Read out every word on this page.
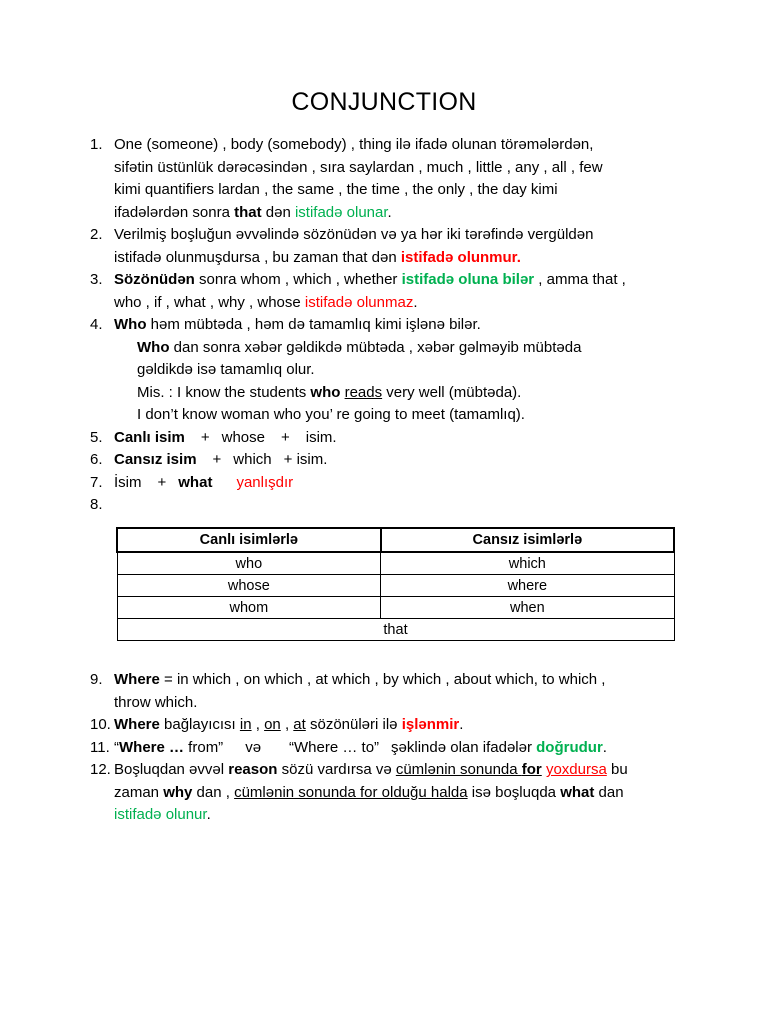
CONJUNCTION
1. One (someone) , body (somebody) , thing ilə ifadə olunan törəmələrdən,
sifətin üstünlük dərəcəsindən , sıra saylardan , much , little , any , all , few
kimi quantifiers lardan , the same , the time , the only , the day kimi
ifadələrdən sonra that dən istifadə olunar.
2. Verilmiş boşluğun əvvəlində sözönüdən və ya hər iki tərəfində vergüldən
istifadə olunmuşdursa , bu zaman that dən istifadə olunmur.
3. Sözönüdən sonra whom , which , whether istifadə oluna bilər , amma that ,
who , if , what , why , whose istifadə olunmaz.
4. Who həm mübtəda , həm də tamamlıq kimi işlənə bilər.
Who dan sonra xəbər gəldikdə mübtəda , xəbər gəlməyib mübtəda
gəldikdə isə tamamlıq olur.
Mis. : I know the students who reads very well (mübtəda).
I don’t know woman who you’ re going to meet (tamamlıq).
5. Canlı isim + whose + isim.
6. Cansız isim + which + isim.
7. İsim + what yanlışdır
8.
Canlı isimlərlə	Cansız isimlərlə
who	which
whose	where
whom	when
that	
9. Where = in which , on which , at which , by which , about which, to which ,
throw which.
10. Where bağlayıcısı in , on , at sözönüləri ilə işlənmir.
11. “Where … from” və “Where … to” şəklində olan ifadələr doğrudur.
12. Boşluqdan əvvəl reason sözü vardırsa və cümlənin sonunda for yoxdursa bu
zaman why dan , cümlənin sonunda for olduğu halda isə boşluqda what dan
istifadə olunur.
